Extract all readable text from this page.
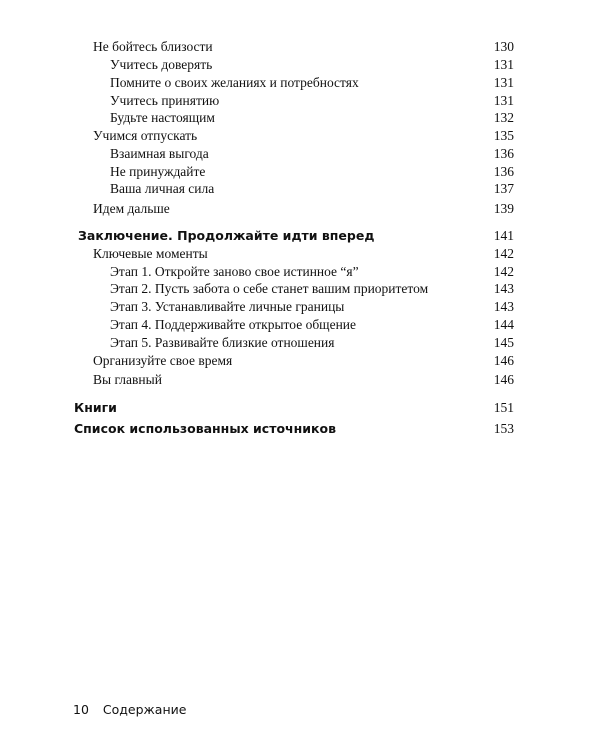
Не бойтесь близости	130
Учитесь доверять	131
Помните о своих желаниях и потребностях	131
Учитесь принятию	131
Будьте настоящим	132
Учимся отпускать	135
Взаимная выгода	136
Не принуждайте	136
Ваша личная сила	137
Идем дальше	139
Заключение. Продолжайте идти вперед	141
Ключевые моменты	142
Этап 1. Откройте заново свое истинное “я”	142
Этап 2. Пусть забота о себе станет вашим приоритетом	143
Этап 3. Устанавливайте личные границы	143
Этап 4. Поддерживайте открытое общение	144
Этап 5. Развивайте близкие отношения	145
Организуйте свое время	146
Вы главный	146
Книги	151
Список использованных источников	153
10 Содержание
